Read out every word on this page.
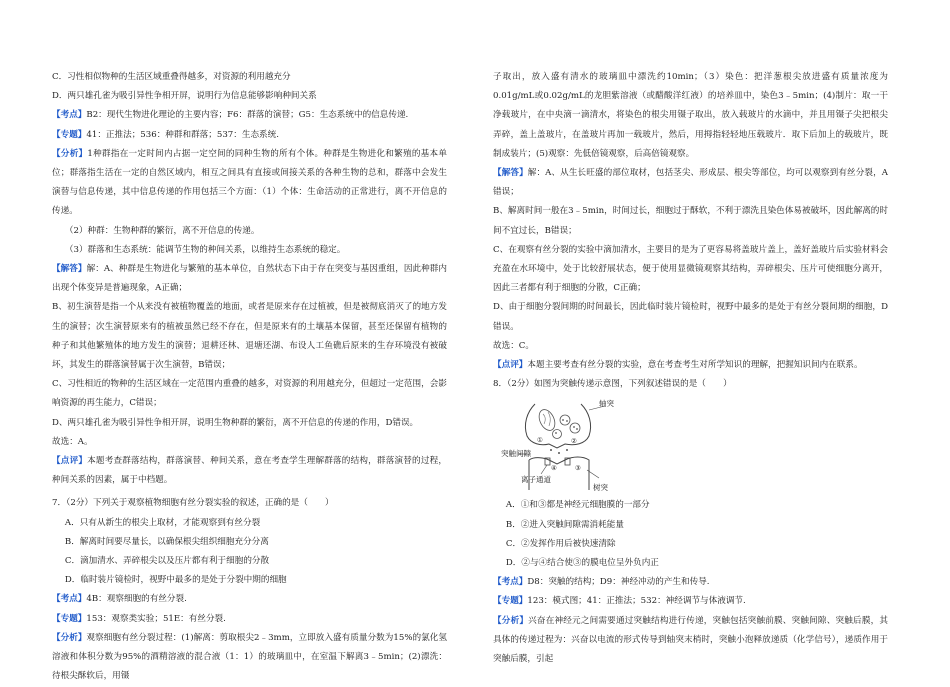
C．习性相似物种的生活区域重叠得越多，对资源的利用越充分

D．两只雄孔雀为吸引异性争相开屏，说明行为信息能够影响种间关系

【考点】B2：现代生物进化理论的主要内容；F6：群落的演替；G5：生态系统中的信息传递.

【专题】41：正推法；536：种群和群落；537：生态系统.

【分析】1种群指在一定时间内占据一定空间的同种生物的所有个体。种群是生物进化和繁殖的基本单位；群落指生活在一定的自然区域内，相互之间具有直接或间接关系的各种生物的总和，群落中会发生演替与信息传递，其中信息传递的作用包括三个方面：（1）个体：生命活动的正常进行，离不开信息的传递。

（2）种群：生物种群的繁衍，离不开信息的传递。

（3）群落和生态系统：能调节生物的种间关系，以维持生态系统的稳定。

【解答】解：A、种群是生物进化与繁殖的基本单位，自然状态下由于存在突变与基因重组，因此种群内出现个体变异是普遍现象，A正确；

B、初生演替是指一个从来没有被植物覆盖的地面，或者是原来存在过植被，但是被彻底消灭了的地方发生的演替；次生演替原来有的植被虽然已经不存在，但是原来有的土壤基本保留，甚至还保留有植物的种子和其他繁殖体的地方发生的演替；退耕还林、退塘还湖、布设人工鱼礁后原来的生存环境没有被破坏，其发生的群落演替属于次生演替，B错误；

C、习性相近的物种的生活区域在一定范围内重叠的越多，对资源的利用越充分，但超过一定范围，会影响资源的再生能力，C错误；

D、两只雄孔雀为吸引异性争相开屏，说明生物种群的繁衍，离不开信息的传递的作用，D错误。

故选：A。

【点评】本题考查群落结构，群落演替、种间关系，意在考查学生理解群落的结构，群落演替的过程，种间关系的因素，属于中档题。

7．（2分）下列关于观察植物细胞有丝分裂实验的叙述，正确的是（　　）

A．只有从新生的根尖上取材，才能观察到有丝分裂

B．解离时间要尽量长，以确保根尖组织细胞充分分离

C．滴加清水、弄碎根尖以及压片都有利于细胞的分散

D．临时装片镜检时，视野中最多的是处于分裂中期的细胞

【考点】4B：观察细胞的有丝分裂.

【专题】153：观察类实验；51E：有丝分裂.

【分析】观察细胞有丝分裂过程：(1)解离：剪取根尖2﹣3mm，立即放入盛有质量分数为15%的氯化氢溶液和体积分数为95%的酒精溶液的混合液（1：1）的玻璃皿中，在室温下解离3﹣5min；(2)漂洗：待根尖酥软后，用镊

子取出，放入盛有清水的玻璃皿中漂洗约10min；（3）染色：把洋葱根尖放进盛有质量浓度为0.01g/mL或0.02g/mL的龙胆紫溶液（或醋酸洋红液）的培养皿中，染色3﹣5min；(4)制片：取一干净载玻片，在中央滴一滴清水，将染色的根尖用镊子取出，放入载玻片的水滴中，并且用镊子尖把根尖弄碎，盖上盖玻片，在盖玻片再加一载玻片，然后，用拇指轻轻地压载玻片．取下后加上的载玻片，既制成装片；(5)观察：先低倍镜观察，后高倍镜观察。

【解答】解：A、从生长旺盛的部位取材，包括茎尖、形成层、根尖等部位，均可以观察到有丝分裂，A错误；

B、解离时间一般在3﹣5min，时间过长，细胞过于酥软，不利于漂洗且染色体易被破坏，因此解离的时间不宜过长，B错误；

C、在观察有丝分裂的实验中滴加清水，主要目的是为了更容易将盖玻片盖上，盖好盖玻片后实验材料会充盈在水环境中，处于比较舒展状态，便于使用显微镜观察其结构，弄碎根尖、压片可使细胞分离开，因此三者都有利于细胞的分散，C正确；

D、由于细胞分裂间期的时间最长，因此临时装片镜检时，视野中最多的是处于有丝分裂间期的细胞，D错误。

故选：C。

【点评】本题主要考查有丝分裂的实验，意在考查考生对所学知识的理解，把握知识间内在联系。

8．（2分）如图为突触传递示意图，下列叙述错误的是（　　）

轴突
突触间隙
离子通道
树突
①	②
③
④

A．①和③都是神经元细胞膜的一部分

B．②进入突触间隙需消耗能量

C．②发挥作用后被快速清除

D．②与④结合使③的膜电位呈外负内正

【考点】D8：突触的结构；D9：神经冲动的产生和传导.

【专题】123：模式图；41：正推法；532：神经调节与体液调节.

【分析】兴奋在神经元之间需要通过突触结构进行传递，突触包括突触前膜、突触间隙、突触后膜，其具体的传递过程为：兴奋以电流的形式传导到轴突末梢时，突触小泡释放递质（化学信号），递质作用于突触后膜，引起
